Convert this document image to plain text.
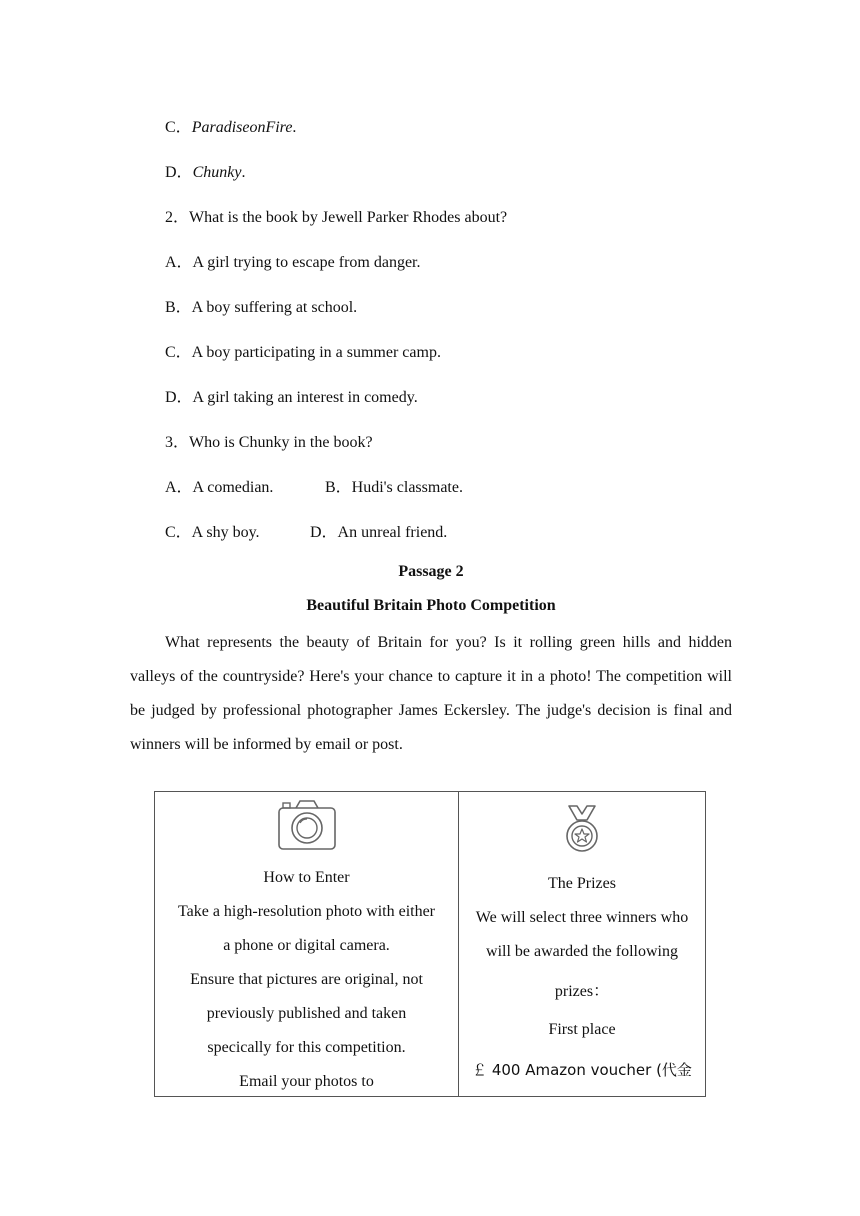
C．ParadiseonFire.

D．Chunky.

2．What is the book by Jewell Parker Rhodes about?

A．A girl trying to escape from danger.

B．A boy suffering at school.

C．A boy participating in a summer camp.

D．A girl taking an interest in comedy.

3．Who is Chunky in the book?

A．A comedian.	B．Hudi's classmate.

C．A shy boy.	D．An unreal friend.

Passage 2

Beautiful Britain Photo Competition

What represents the beauty of Britain for you? Is it rolling green hills and hidden valleys of the countryside? Here's your chance to capture it in a photo! The competition will be judged by professional photographer James Eckersley. The judge's decision is final and winners will be informed by email or post.

How to Enter
Take a high-resolution photo with either
a phone or digital camera.
Ensure that pictures are original, not
previously published and taken
specically for this competition.
Email your photos to
The Prizes
We will select three winners who
will be awarded the following
prizes：
First place
￡ 400 Amazon voucher (代金
